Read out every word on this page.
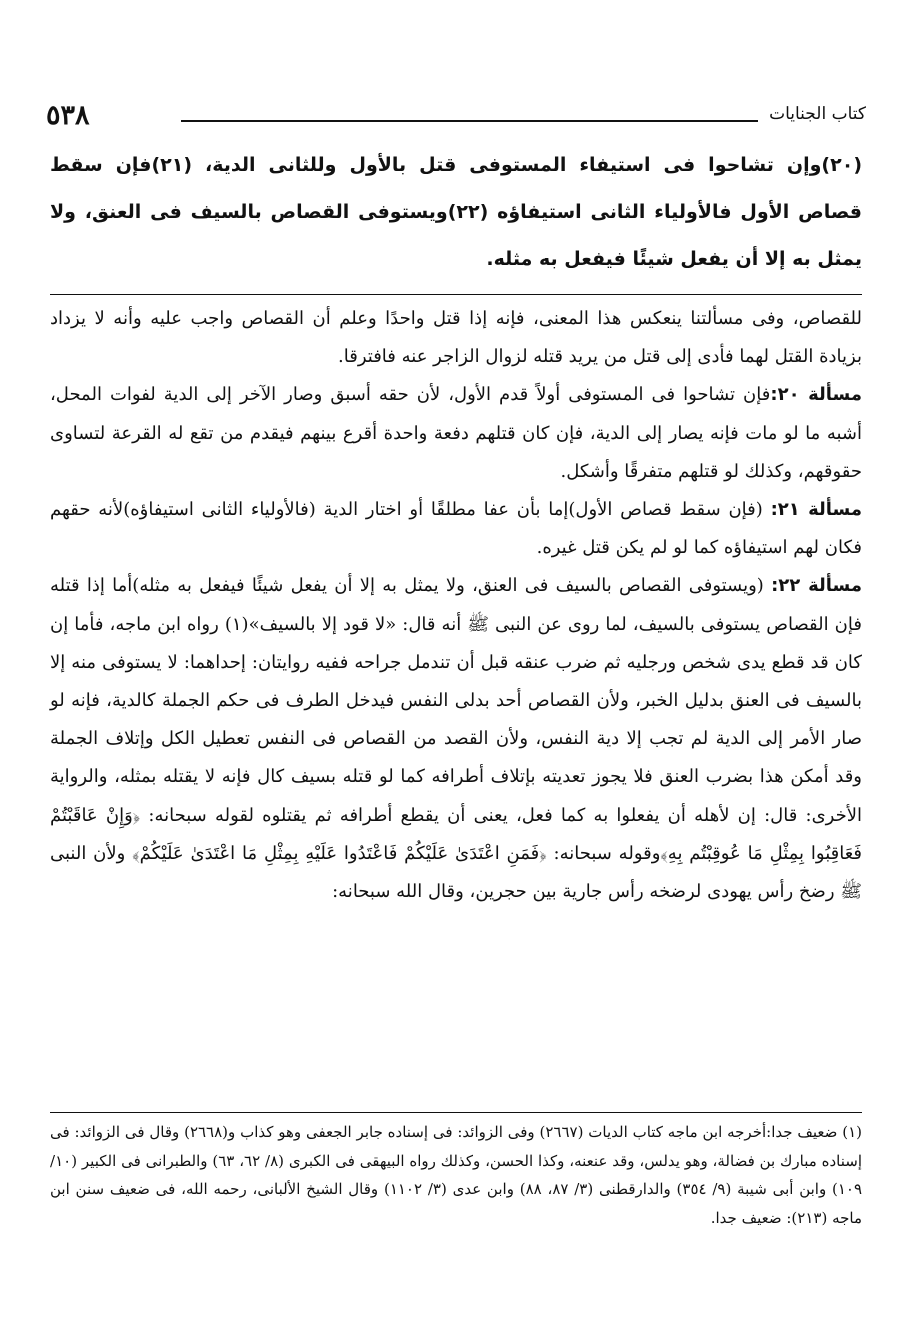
٥٣٨	كتاب الجنايات
(٢٠)وإن تشاحوا فى استيفاء المستوفى قتل بالأول وللثانى الدية، (٢١)فإن سقط قصاص الأول فالأولياء الثانى استيفاؤه (٢٢)ويستوفى القصاص بالسيف فى العنق، ولا يمثل به إلا أن يفعل شيئًا فيفعل به مثله.

للقصاص، وفى مسألتنا ينعكس هذا المعنى، فإنه إذا قتل واحدًا وعلم أن القصاص واجب عليه وأنه لا يزداد بزيادة القتل لهما فأدى إلى قتل من يريد قتله لزوال الزاجر عنه فافترقا.

مسألة ٢٠:فإن تشاحوا فى المستوفى أولاً قدم الأول، لأن حقه أسبق وصار الآخر إلى الدية لفوات المحل، أشبه ما لو مات فإنه يصار إلى الدية، فإن كان قتلهم دفعة واحدة أقرع بينهم فيقدم من تقع له القرعة لتساوى حقوقهم، وكذلك لو قتلهم متفرقًا وأشكل.

مسألة ٢١: (فإن سقط قصاص الأول)إما بأن عفا مطلقًا أو اختار الدية (فالأولياء الثانى استيفاؤه)لأنه حقهم فكان لهم استيفاؤه كما لو لم يكن قتل غيره.

مسألة ٢٢: (ويستوفى القصاص بالسيف فى العنق، ولا يمثل به إلا أن يفعل شيئًا فيفعل به مثله)أما إذا قتله فإن القصاص يستوفى بالسيف، لما روى عن النبى ﷺ أنه قال: «لا قود إلا بالسيف»(١) رواه ابن ماجه، فأما إن كان قد قطع يدى شخص ورجليه ثم ضرب عنقه قبل أن تندمل جراحه ففيه روايتان: إحداهما: لا يستوفى منه إلا بالسيف فى العنق بدليل الخبر، ولأن القصاص أحد بدلى النفس فيدخل الطرف فى حكم الجملة كالدية، فإنه لو صار الأمر إلى الدية لم تجب إلا دية النفس، ولأن القصد من القصاص فى النفس تعطيل الكل وإتلاف الجملة وقد أمكن هذا بضرب العنق فلا يجوز تعديته بإتلاف أطرافه كما لو قتله بسيف كال فإنه لا يقتله بمثله، والرواية الأخرى: قال: إن لأهله أن يفعلوا به كما فعل، يعنى أن يقطع أطرافه ثم يقتلوه لقوله سبحانه: ﴿وَإِنْ عَاقَبْتُمْ فَعَاقِبُوا بِمِثْلِ مَا عُوقِبْتُم بِهِ﴾وقوله سبحانه: ﴿فَمَنِ اعْتَدَىٰ عَلَيْكُمْ فَاعْتَدُوا عَلَيْهِ بِمِثْلِ مَا اعْتَدَىٰ عَلَيْكُمْ﴾ ولأن النبى ﷺ رضخ رأس يهودى لرضخه رأس جارية بين حجرين، وقال الله سبحانه:

(١) ضعيف جدا:أخرجه ابن ماجه كتاب الديات (٢٦٦٧) وفى الزوائد: فى إسناده جابر الجعفى وهو كذاب و(٢٦٦٨) وقال فى الزوائد: فى إسناده مبارك بن فضالة، وهو يدلس، وقد عنعنه، وكذا الحسن، وكذلك رواه البيهقى فى الكبرى (٨/ ٦٢، ٦٣) والطبرانى فى الكبير (١٠/ ١٠٩) وابن أبى شيبة (٩/ ٣٥٤) والدارقطنى (٣/ ٨٧، ٨٨) وابن عدى (٣/ ١١٠٢) وقال الشيخ الألبانى، رحمه الله، فى ضعيف سنن ابن ماجه (٢١٣): ضعيف جدا.
